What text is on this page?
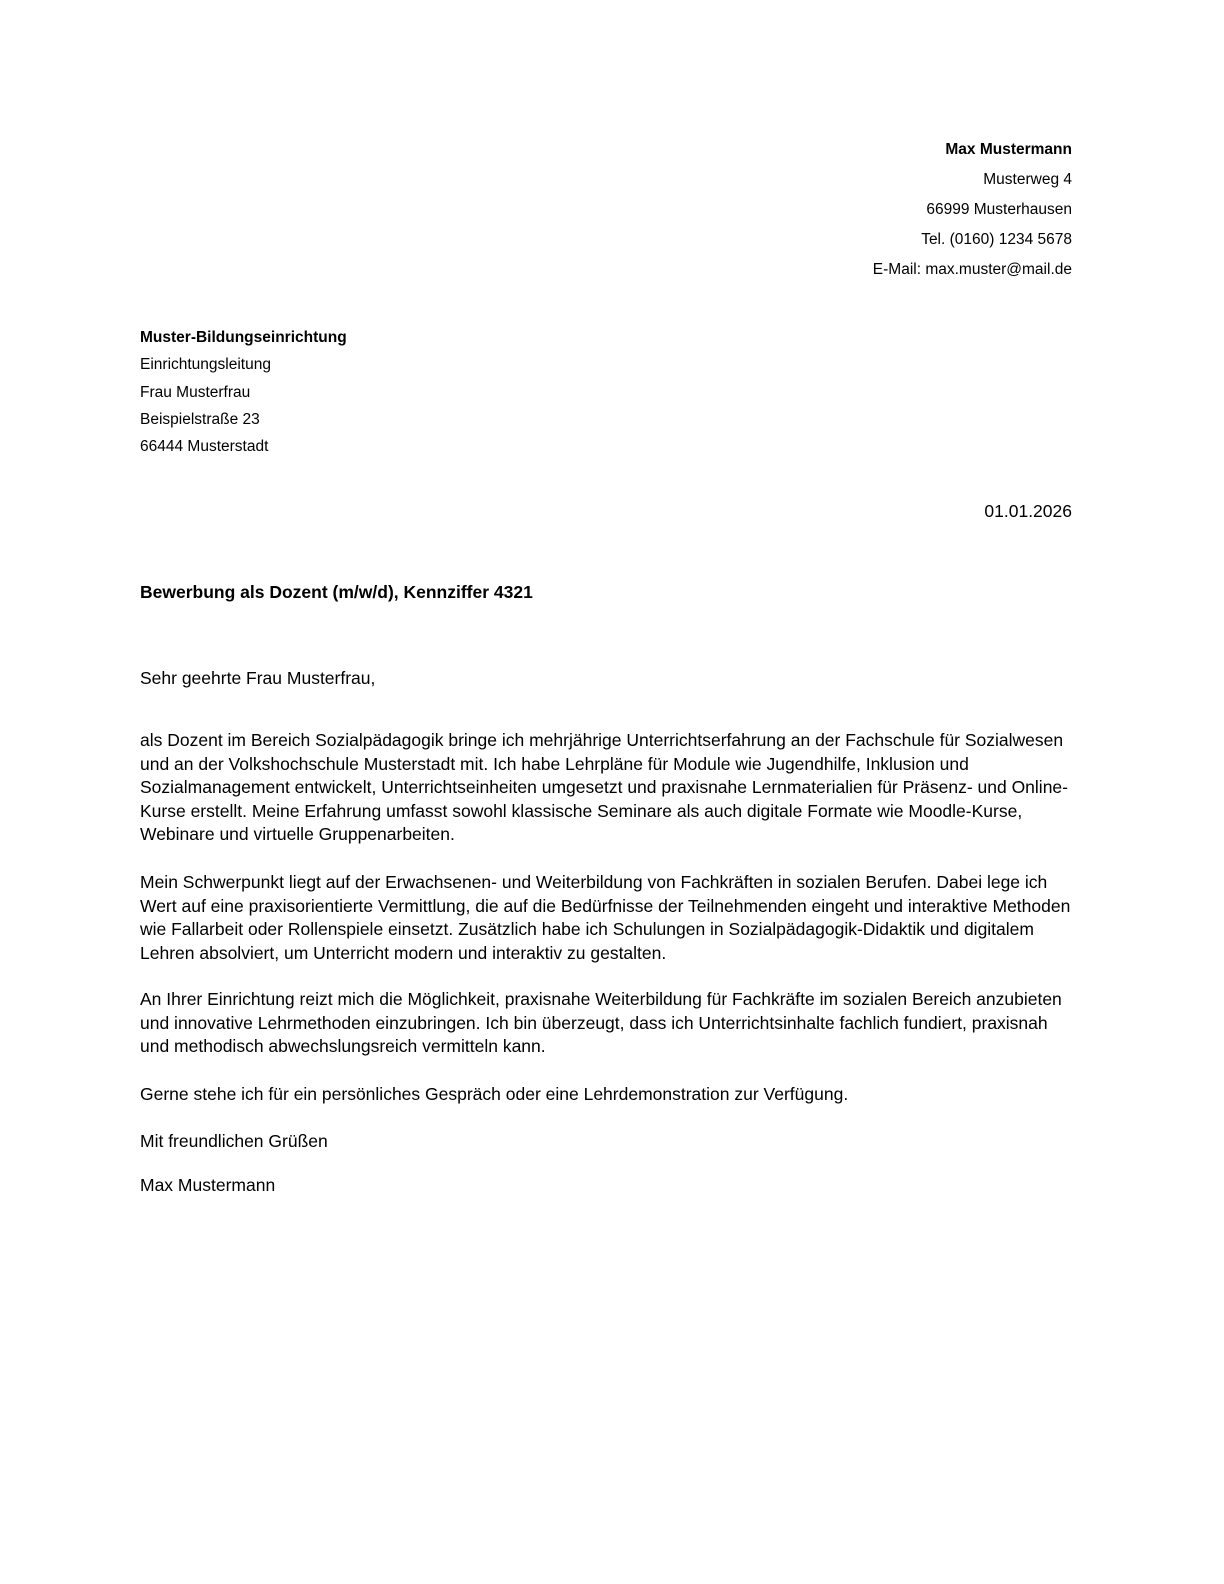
Max Mustermann
Musterweg 4
66999 Musterhausen
Tel. (0160) 1234 5678
E-Mail: max.muster@mail.de
Muster-Bildungseinrichtung
Einrichtungsleitung
Frau Musterfrau
Beispielstraße 23
66444 Musterstadt
01.01.2026
Bewerbung als Dozent (m/w/d), Kennziffer 4321
Sehr geehrte Frau Musterfrau,
als Dozent im Bereich Sozialpädagogik bringe ich mehrjährige Unterrichtserfahrung an der Fachschule für Sozialwesen und an der Volkshochschule Musterstadt mit. Ich habe Lehrpläne für Module wie Jugendhilfe, Inklusion und Sozialmanagement entwickelt, Unterrichtseinheiten umgesetzt und praxisnahe Lernmaterialien für Präsenz- und Online-Kurse erstellt. Meine Erfahrung umfasst sowohl klassische Seminare als auch digitale Formate wie Moodle-Kurse, Webinare und virtuelle Gruppenarbeiten.
Mein Schwerpunkt liegt auf der Erwachsenen- und Weiterbildung von Fachkräften in sozialen Berufen. Dabei lege ich Wert auf eine praxisorientierte Vermittlung, die auf die Bedürfnisse der Teilnehmenden eingeht und interaktive Methoden wie Fallarbeit oder Rollenspiele einsetzt. Zusätzlich habe ich Schulungen in Sozialpädagogik-Didaktik und digitalem Lehren absolviert, um Unterricht modern und interaktiv zu gestalten.
An Ihrer Einrichtung reizt mich die Möglichkeit, praxisnahe Weiterbildung für Fachkräfte im sozialen Bereich anzubieten und innovative Lehrmethoden einzubringen. Ich bin überzeugt, dass ich Unterrichtsinhalte fachlich fundiert, praxisnah und methodisch abwechslungsreich vermitteln kann.
Gerne stehe ich für ein persönliches Gespräch oder eine Lehrdemonstration zur Verfügung.
Mit freundlichen Grüßen
Max Mustermann
